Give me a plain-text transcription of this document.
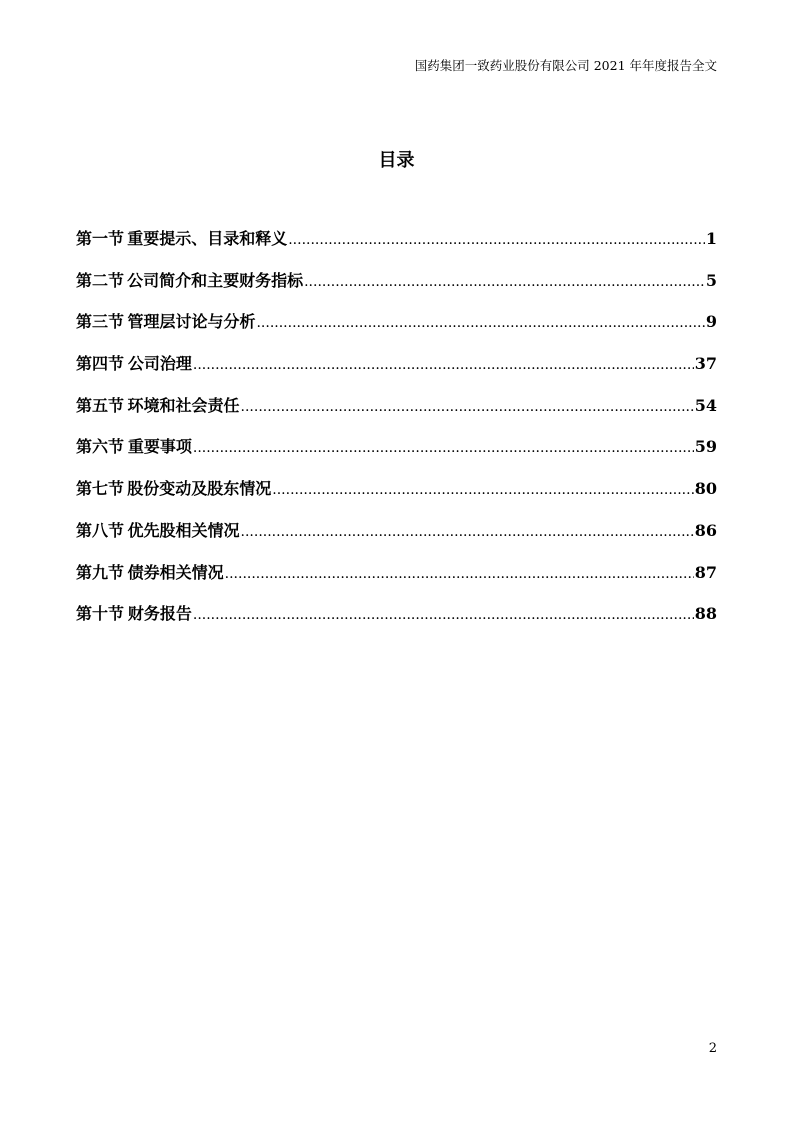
国药集团一致药业股份有限公司 2021 年年度报告全文
目录
第一节 重要提示、目录和释义 .....	1
第二节 公司简介和主要财务指标 .....	5
第三节 管理层讨论与分析 .....	9
第四节 公司治理 .....	37
第五节 环境和社会责任 .....	54
第六节 重要事项 .....	59
第七节 股份变动及股东情况 .....	80
第八节 优先股相关情况 .....	86
第九节 债券相关情况 .....	87
第十节 财务报告 .....	88
2
